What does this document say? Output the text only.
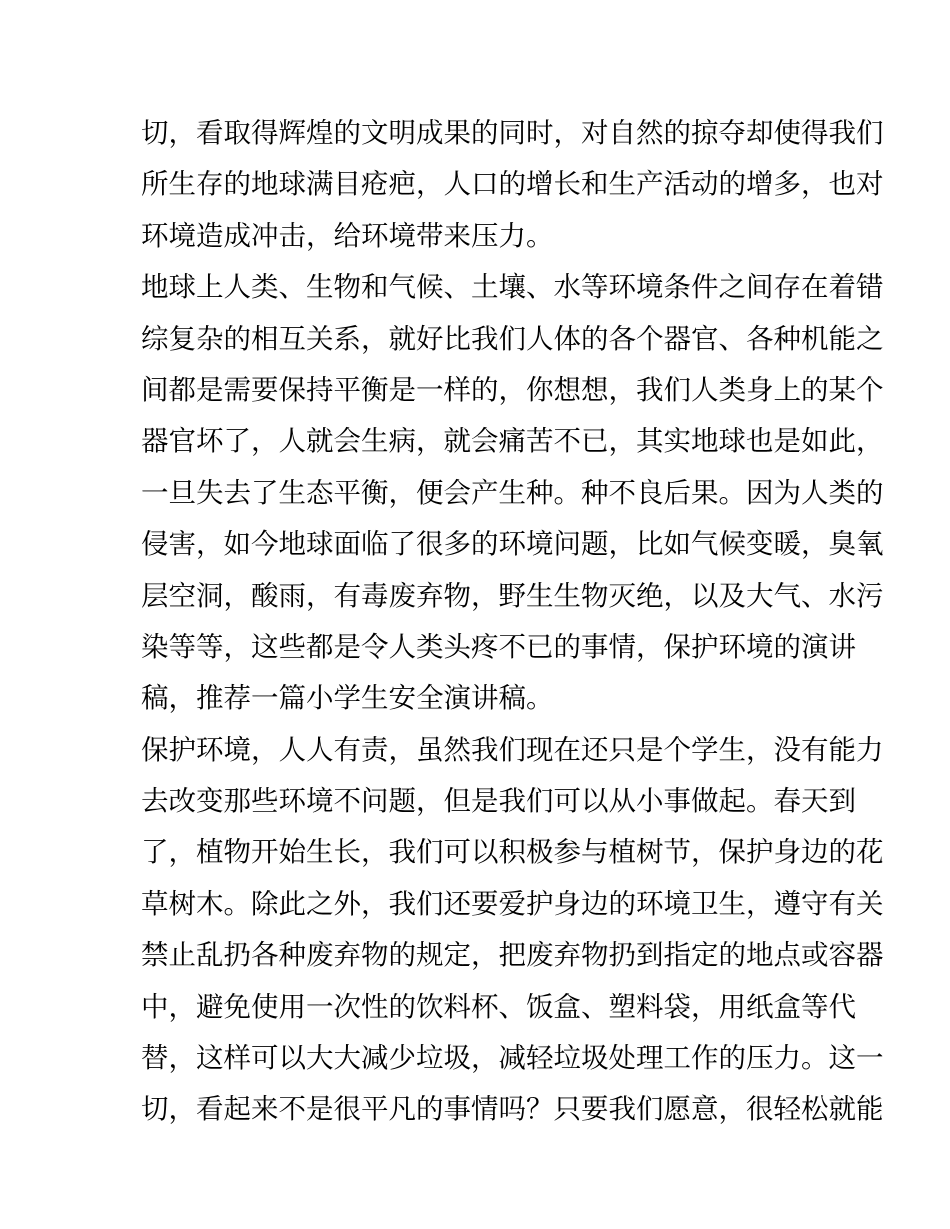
切，看取得辉煌的文明成果的同时，对自然的掠夺却使得我们
所生存的地球满目疮疤，人口的增长和生产活动的增多，也对
环境造成冲击，给环境带来压力。
地球上人类、生物和气候、土壤、水等环境条件之间存在着错
综复杂的相互关系，就好比我们人体的各个器官、各种机能之
间都是需要保持平衡是一样的，你想想，我们人类身上的某个
器官坏了，人就会生病，就会痛苦不已，其实地球也是如此，
一旦失去了生态平衡，便会产生种。种不良后果。因为人类的
侵害，如今地球面临了很多的环境问题，比如气候变暖，臭氧
层空洞，酸雨，有毒废弃物，野生生物灭绝，以及大气、水污
染等等，这些都是令人类头疼不已的事情，保护环境的演讲
稿，推荐一篇小学生安全演讲稿。
保护环境，人人有责，虽然我们现在还只是个学生，没有能力
去改变那些环境不问题，但是我们可以从小事做起。春天到
了，植物开始生长，我们可以积极参与植树节，保护身边的花
草树木。除此之外，我们还要爱护身边的环境卫生，遵守有关
禁止乱扔各种废弃物的规定，把废弃物扔到指定的地点或容器
中，避免使用一次性的饮料杯、饭盒、塑料袋，用纸盒等代
替，这样可以大大减少垃圾，减轻垃圾处理工作的压力。这一
切，看起来不是很平凡的事情吗？只要我们愿意，很轻松就能
